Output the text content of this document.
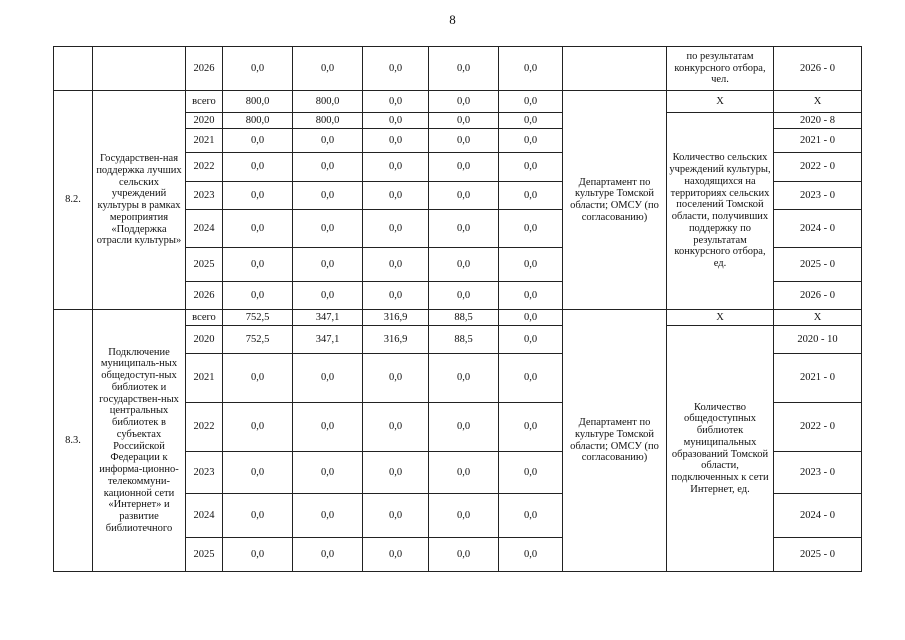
8
		2026	0,0	0,0	0,0	0,0	0,0		по результатам конкурсного отбора, чел.	2026 - 0
8.2.	Государствен-ная поддержка лучших сельских учреждений культуры в рамках мероприятия «Поддержка отрасли культуры»	всего	800,0	800,0	0,0	0,0	0,0	Департамент по культуре Томской области; ОМСУ (по согласованию)	Х	Х
		2020	800,0	800,0	0,0	0,0	0,0		Количество сельских учреждений культуры, находящихся на территориях сельских поселений Томской области, получивших поддержку по результатам конкурсного отбора, ед.	2020 - 8
		2021	0,0	0,0	0,0	0,0	0,0			2021 - 0
		2022	0,0	0,0	0,0	0,0	0,0			2022 - 0
		2023	0,0	0,0	0,0	0,0	0,0			2023 - 0
		2024	0,0	0,0	0,0	0,0	0,0			2024 - 0
		2025	0,0	0,0	0,0	0,0	0,0			2025 - 0
		2026	0,0	0,0	0,0	0,0	0,0			2026 - 0
8.3.	Подключение муниципаль-ных общедоступ-ных библиотек и государствен-ных центральных библиотек в субъектах Российской Федерации к информа-ционно-телекоммуни-кационной сети «Интернет» и развитие библиотечного	всего	752,5	347,1	316,9	88,5	0,0	Департамент по культуре Томской области; ОМСУ (по согласованию)	Х	Х
		2020	752,5	347,1	316,9	88,5	0,0		Количество общедоступных библиотек муниципальных образований Томской области, подключенных к сети Интернет, ед.	2020 - 10
		2021	0,0	0,0	0,0	0,0	0,0			2021 - 0
		2022	0,0	0,0	0,0	0,0	0,0			2022 - 0
		2023	0,0	0,0	0,0	0,0	0,0			2023 - 0
		2024	0,0	0,0	0,0	0,0	0,0			2024 - 0
		2025	0,0	0,0	0,0	0,0	0,0			2025 - 0
